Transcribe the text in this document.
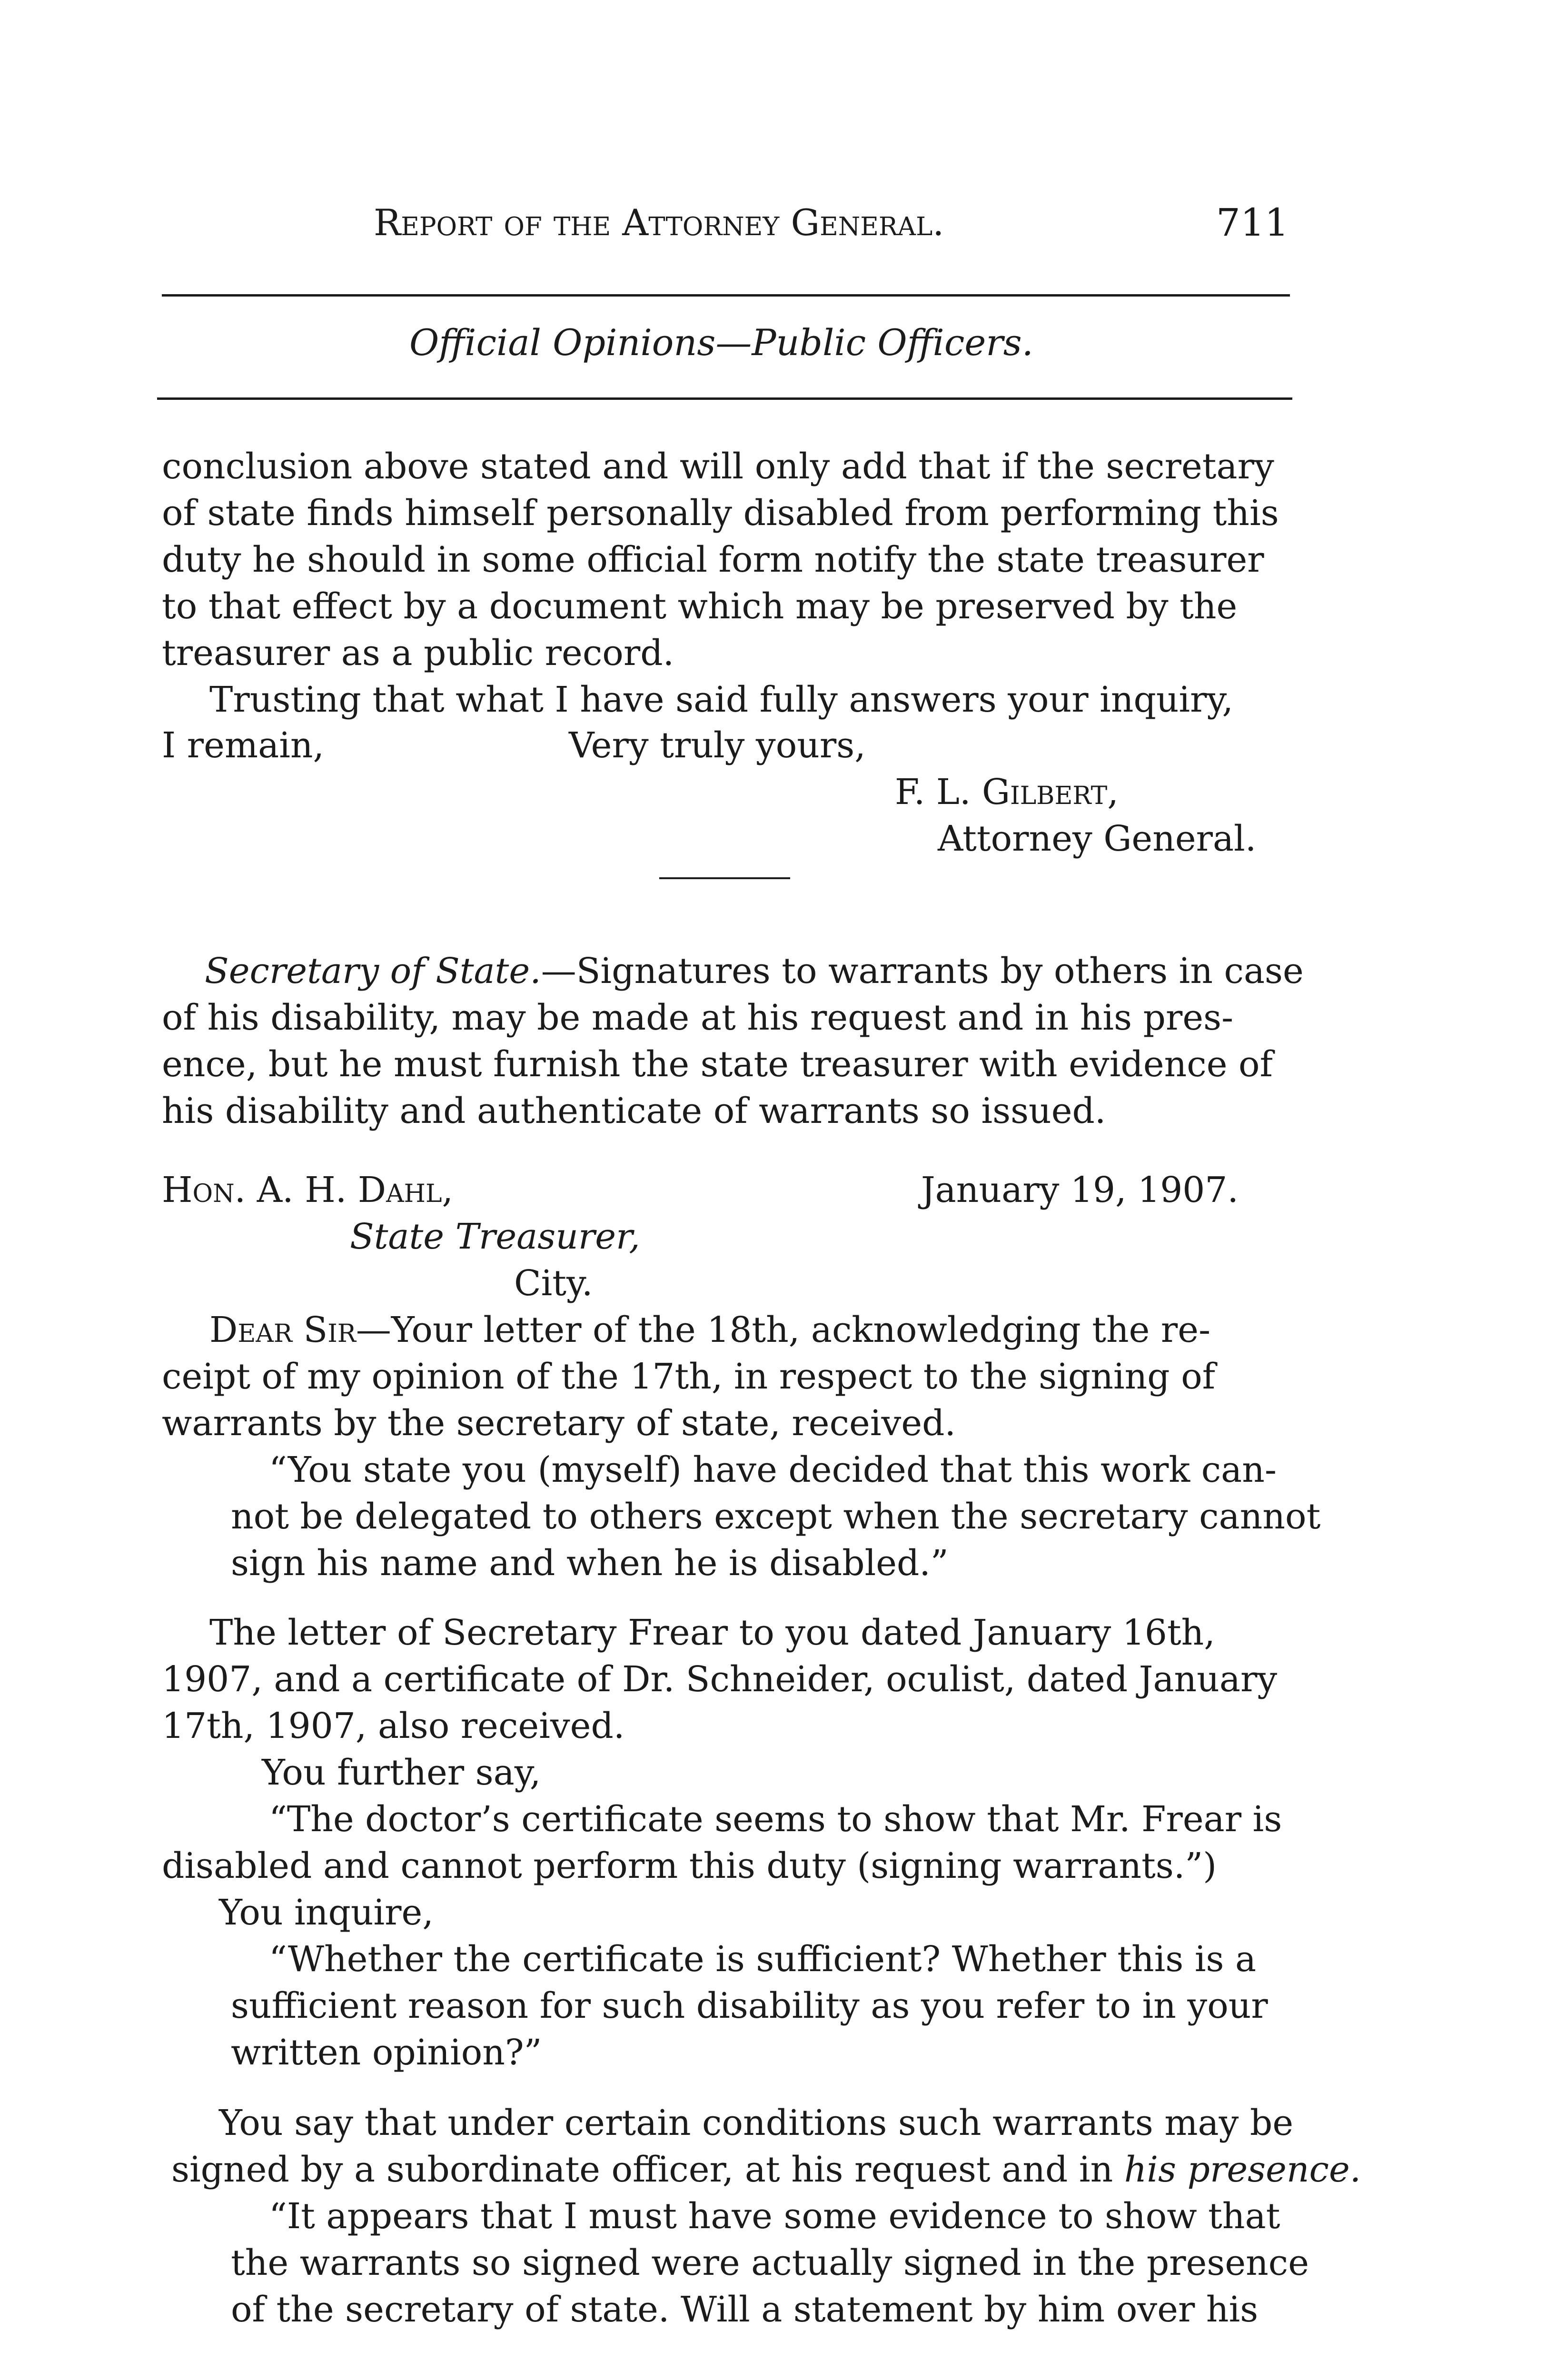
Report of the Attorney General.	711
Official Opinions—Public Officers.
conclusion above stated and will only add that if the secretary
of state finds himself personally disabled from performing this
duty he should in some official form notify the state treasurer
to that effect by a document which may be preserved by the
treasurer as a public record.
Trusting that what I have said fully answers your inquiry,
I remain,	Very truly yours,
F. L. Gilbert,
Attorney General.
Secretary of State.—Signatures to warrants by others in case
of his disability, may be made at his request and in his pres-
ence, but he must furnish the state treasurer with evidence of
his disability and authenticate of warrants so issued.
Hon. A. H. Dahl,	January 19, 1907.
State Treasurer,
City.
Dear Sir—Your letter of the 18th, acknowledging the re-
ceipt of my opinion of the 17th, in respect to the signing of
warrants by the secretary of state, received.
“You state you (myself) have decided that this work can-
not be delegated to others except when the secretary cannot
sign his name and when he is disabled.”
The letter of Secretary Frear to you dated January 16th,
1907, and a certificate of Dr. Schneider, oculist, dated January
17th, 1907, also received.
You further say,
“The doctor’s certificate seems to show that Mr. Frear is
disabled and cannot perform this duty (signing warrants.”)
You inquire,
“Whether the certificate is sufficient? Whether this is a
sufficient reason for such disability as you refer to in your
written opinion?”
You say that under certain conditions such warrants may be
signed by a subordinate officer, at his request and in his presence.
“It appears that I must have some evidence to show that
the warrants so signed were actually signed in the presence
of the secretary of state. Will a statement by him over his
